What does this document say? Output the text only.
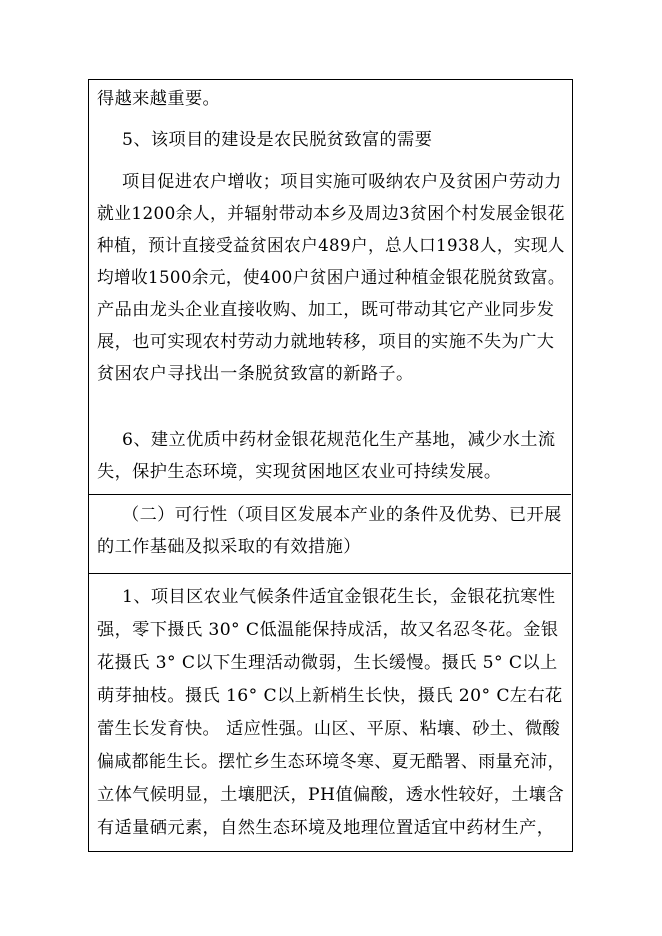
得越来越重要。
5、该项目的建设是农民脱贫致富的需要
项目促进农户增收；项目实施可吸纳农户及贫困户劳动力
就业1200余人，并辐射带动本乡及周边3贫困个村发展金银花
种植，预计直接受益贫困农户489户，总人口1938人，实现人
均增收1500余元，使400户贫困户通过种植金银花脱贫致富。
产品由龙头企业直接收购、加工，既可带动其它产业同步发
展，也可实现农村劳动力就地转移，项目的实施不失为广大
贫困农户寻找出一条脱贫致富的新路子。
6、建立优质中药材金银花规范化生产基地，减少水土流
失，保护生态环境，实现贫困地区农业可持续发展。
（二）可行性（项目区发展本产业的条件及优势、已开展
的工作基础及拟采取的有效措施）
1、项目区农业气候条件适宜金银花生长，金银花抗寒性
强，零下摄氏 30° C低温能保持成活，故又名忍冬花。金银
花摄氏 3° C以下生理活动微弱，生长缓慢。摄氏 5° C以上
萌芽抽枝。摄氏 16° C以上新梢生长快，摄氏 20° C左右花
蕾生长发育快。 适应性强。山区、平原、粘壤、砂土、微酸
偏咸都能生长。摆忙乡生态环境冬寒、夏无酷署、雨量充沛，
立体气候明显，土壤肥沃，PH值偏酸，透水性较好，土壤含
有适量硒元素，自然生态环境及地理位置适宜中药材生产，
